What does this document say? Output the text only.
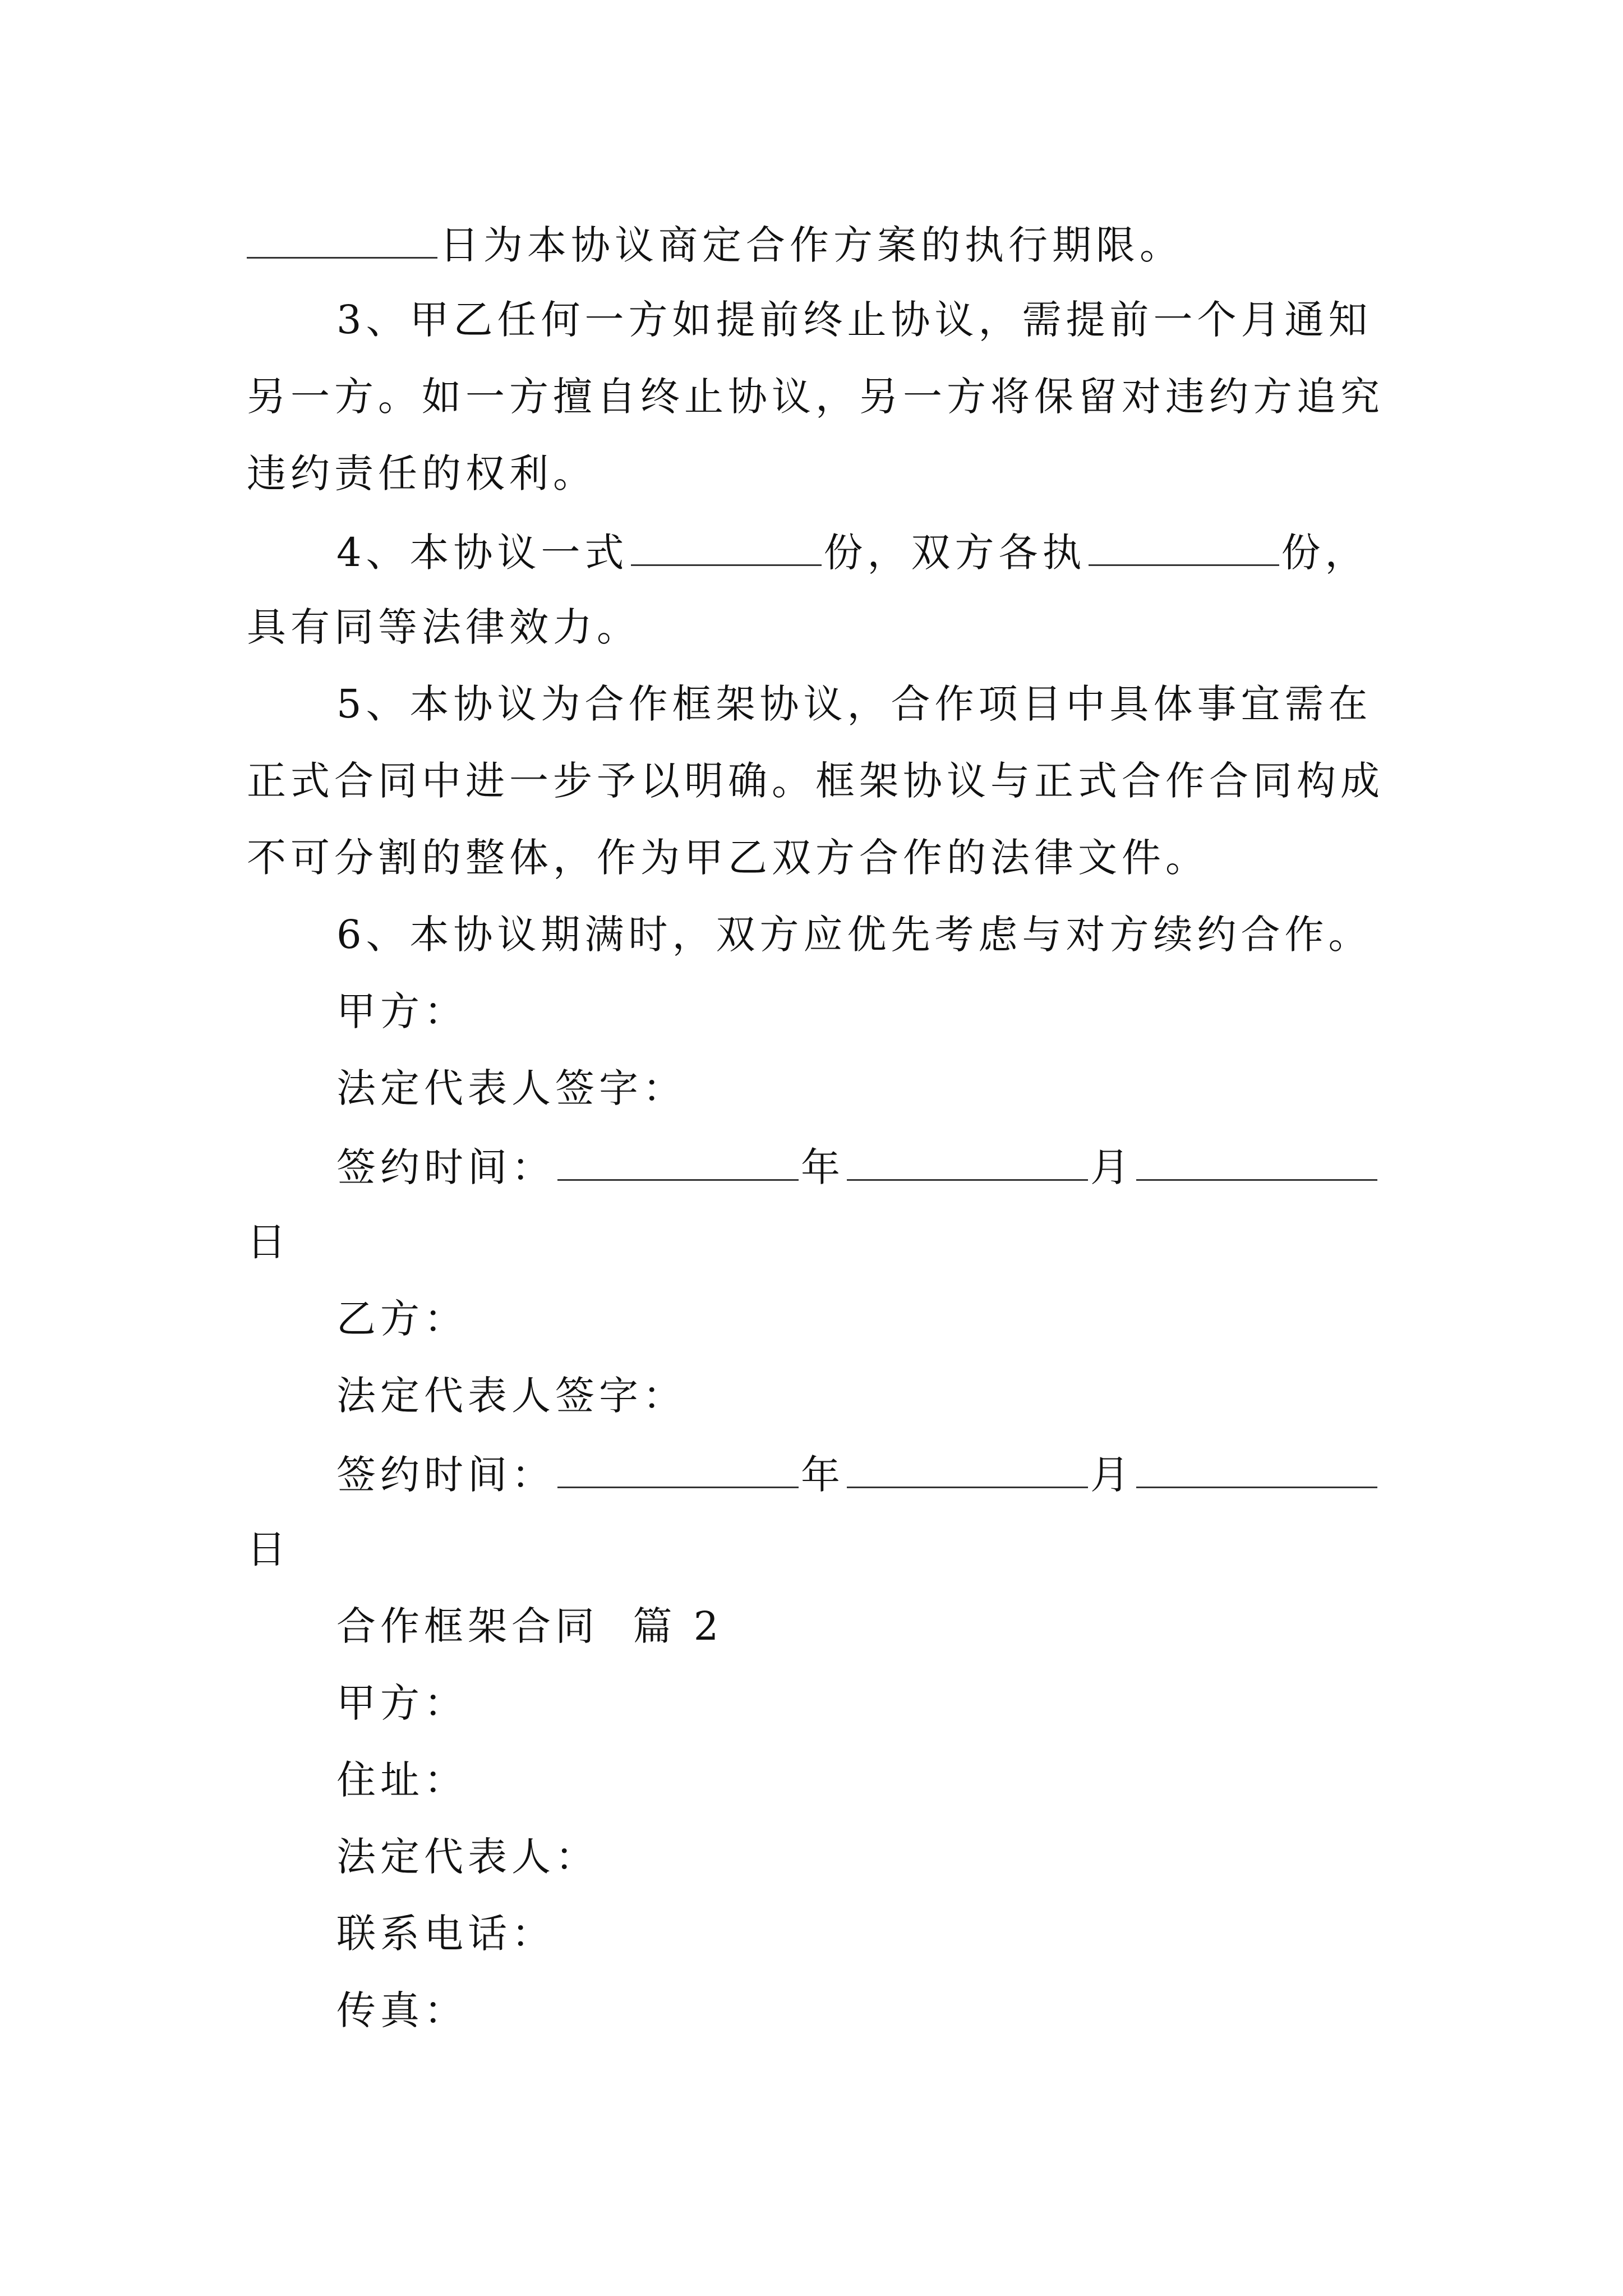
日为本协议商定合作方案的执行期限。
3、甲乙任何一方如提前终止协议，需提前一个月通知
另一方。如一方擅自终止协议，另一方将保留对违约方追究
违约责任的权利。
4、本协议一式	份，双方各执	份，
具有同等法律效力。
5、本协议为合作框架协议，合作项目中具体事宜需在
正式合同中进一步予以明确。框架协议与正式合作合同构成
不可分割的整体，作为甲乙双方合作的法律文件。
6、本协议期满时，双方应优先考虑与对方续约合作。
甲方：
法定代表人签字：
签约时间：	年	月
日
乙方：
法定代表人签字：
签约时间：	年	月
日
合作框架合同  篇 2
甲方：
住址：
法定代表人：
联系电话：
传真：
